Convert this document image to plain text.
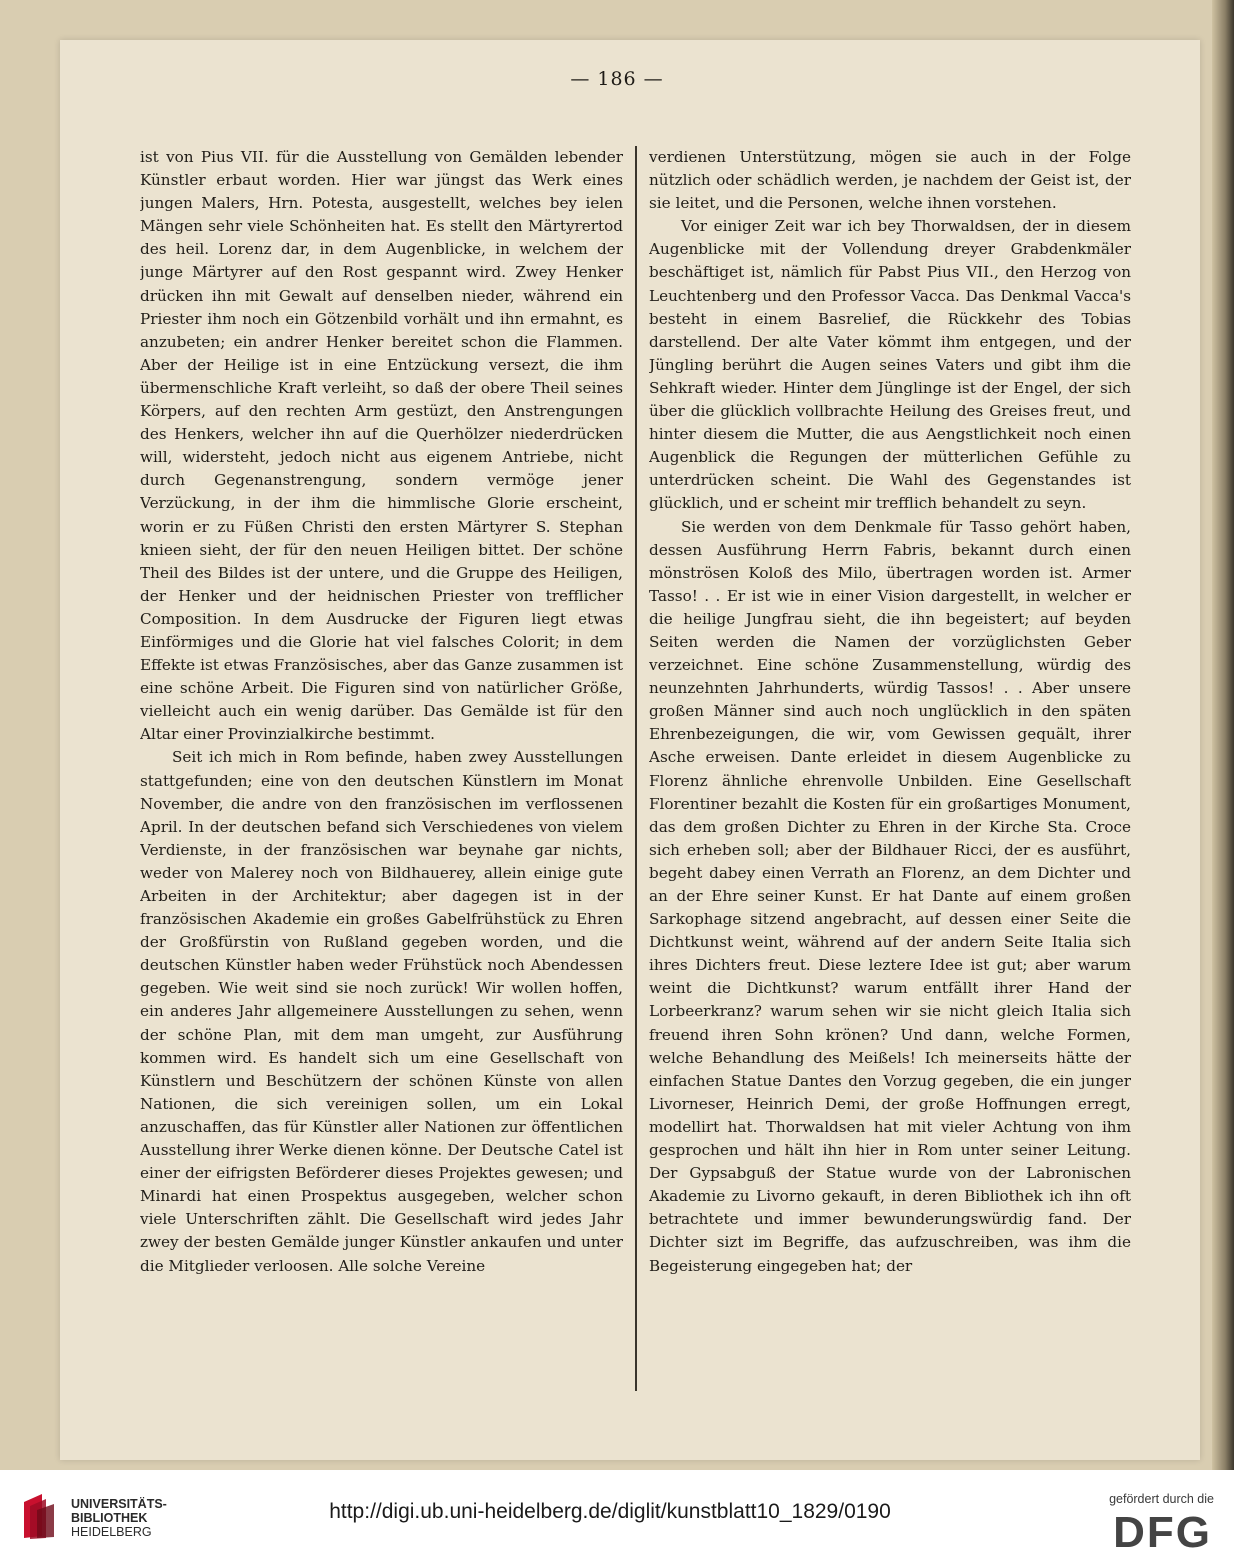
— 186 —

ist von Pius VII. für die Ausstellung von Gemälden lebender Künstler erbaut worden. Hier war jüngst das Werk eines jungen Malers, Hrn. Potesta, ausgestellt, welches bey ielen Mängen sehr viele Schönheiten hat. Es stellt den Märtyrertod des heil. Lorenz dar, in dem Augenblicke, in welchem der junge Märtyrer auf den Rost gespannt wird. Zwey Henker drücken ihn mit Gewalt auf denselben nieder, während ein Priester ihm noch ein Götzenbild vorhält und ihn ermahnt, es anzubeten; ein andrer Henker bereitet schon die Flammen. Aber der Heilige ist in eine Entzückung versezt, die ihm übermenschliche Kraft verleiht, so daß der obere Theil seines Körpers, auf den rechten Arm gestüzt, den Anstrengungen des Henkers, welcher ihn auf die Querhölzer niederdrücken will, widersteht, jedoch nicht aus eigenem Antriebe, nicht durch Gegenanstrengung, sondern vermöge jener Verzückung, in der ihm die himmlische Glorie erscheint, worin er zu Füßen Christi den ersten Märtyrer S. Stephan knieen sieht, der für den neuen Heiligen bittet. Der schöne Theil des Bildes ist der untere, und die Gruppe des Heiligen, der Henker und der heidnischen Priester von trefflicher Composition. In dem Ausdrucke der Figuren liegt etwas Einförmiges und die Glorie hat viel falsches Colorit; in dem Effekte ist etwas Französisches, aber das Ganze zusammen ist eine schöne Arbeit. Die Figuren sind von natürlicher Größe, vielleicht auch ein wenig darüber. Das Gemälde ist für den Altar einer Provinzialkirche bestimmt.

Seit ich mich in Rom befinde, haben zwey Ausstellungen stattgefunden; eine von den deutschen Künstlern im Monat November, die andre von den französischen im verflossenen April. In der deutschen befand sich Verschiedenes von vielem Verdienste, in der französischen war beynahe gar nichts, weder von Malerey noch von Bildhauerey, allein einige gute Arbeiten in der Architektur; aber dagegen ist in der französischen Akademie ein großes Gabelfrühstück zu Ehren der Großfürstin von Rußland gegeben worden, und die deutschen Künstler haben weder Frühstück noch Abendessen gegeben. Wie weit sind sie noch zurück! Wir wollen hoffen, ein anderes Jahr allgemeinere Ausstellungen zu sehen, wenn der schöne Plan, mit dem man umgeht, zur Ausführung kommen wird. Es handelt sich um eine Gesellschaft von Künstlern und Beschützern der schönen Künste von allen Nationen, die sich vereinigen sollen, um ein Lokal anzuschaffen, das für Künstler aller Nationen zur öffentlichen Ausstellung ihrer Werke dienen könne. Der Deutsche Catel ist einer der eifrigsten Beförderer dieses Projektes gewesen; und Minardi hat einen Prospektus ausgegeben, welcher schon viele Unterschriften zählt. Die Gesellschaft wird jedes Jahr zwey der besten Gemälde junger Künstler ankaufen und unter die Mitglieder verloosen. Alle solche Vereine

verdienen Unterstützung, mögen sie auch in der Folge nützlich oder schädlich werden, je nachdem der Geist ist, der sie leitet, und die Personen, welche ihnen vorstehen.

Vor einiger Zeit war ich bey Thorwaldsen, der in diesem Augenblicke mit der Vollendung dreyer Grabdenkmäler beschäftiget ist, nämlich für Pabst Pius VII., den Herzog von Leuchtenberg und den Professor Vacca. Das Denkmal Vacca's besteht in einem Basrelief, die Rückkehr des Tobias darstellend. Der alte Vater kömmt ihm entgegen, und der Jüngling berührt die Augen seines Vaters und gibt ihm die Sehkraft wieder. Hinter dem Jünglinge ist der Engel, der sich über die glücklich vollbrachte Heilung des Greises freut, und hinter diesem die Mutter, die aus Aengstlichkeit noch einen Augenblick die Regungen der mütterlichen Gefühle zu unterdrücken scheint. Die Wahl des Gegenstandes ist glücklich, und er scheint mir trefflich behandelt zu seyn.

Sie werden von dem Denkmale für Tasso gehört haben, dessen Ausführung Herrn Fabris, bekannt durch einen mönströsen Koloß des Milo, übertragen worden ist. Armer Tasso! . . Er ist wie in einer Vision dargestellt, in welcher er die heilige Jungfrau sieht, die ihn begeistert; auf beyden Seiten werden die Namen der vorzüglichsten Geber verzeichnet. Eine schöne Zusammenstellung, würdig des neunzehnten Jahrhunderts, würdig Tassos! . . Aber unsere großen Männer sind auch noch unglücklich in den späten Ehrenbezeigungen, die wir, vom Gewissen gequält, ihrer Asche erweisen. Dante erleidet in diesem Augenblicke zu Florenz ähnliche ehrenvolle Unbilden. Eine Gesellschaft Florentiner bezahlt die Kosten für ein großartiges Monument, das dem großen Dichter zu Ehren in der Kirche Sta. Croce sich erheben soll; aber der Bildhauer Ricci, der es ausführt, begeht dabey einen Verrath an Florenz, an dem Dichter und an der Ehre seiner Kunst. Er hat Dante auf einem großen Sarkophage sitzend angebracht, auf dessen einer Seite die Dichtkunst weint, während auf der andern Seite Italia sich ihres Dichters freut. Diese leztere Idee ist gut; aber warum weint die Dichtkunst? warum entfällt ihrer Hand der Lorbeerkranz? warum sehen wir sie nicht gleich Italia sich freuend ihren Sohn krönen? Und dann, welche Formen, welche Behandlung des Meißels! Ich meinerseits hätte der einfachen Statue Dantes den Vorzug gegeben, die ein junger Livorneser, Heinrich Demi, der große Hoffnungen erregt, modellirt hat. Thorwaldsen hat mit vieler Achtung von ihm gesprochen und hält ihn hier in Rom unter seiner Leitung. Der Gypsabguß der Statue wurde von der Labronischen Akademie zu Livorno gekauft, in deren Bibliothek ich ihn oft betrachtete und immer bewunderungswürdig fand. Der Dichter sizt im Begriffe, das aufzuschreiben, was ihm die Begeisterung eingegeben hat; der

UNIVERSITÄTS-
BIBLIOTHEK
HEIDELBERG
http://digi.ub.uni-heidelberg.de/diglit/kunstblatt10_1829/0190
gefördert durch die
DFG
